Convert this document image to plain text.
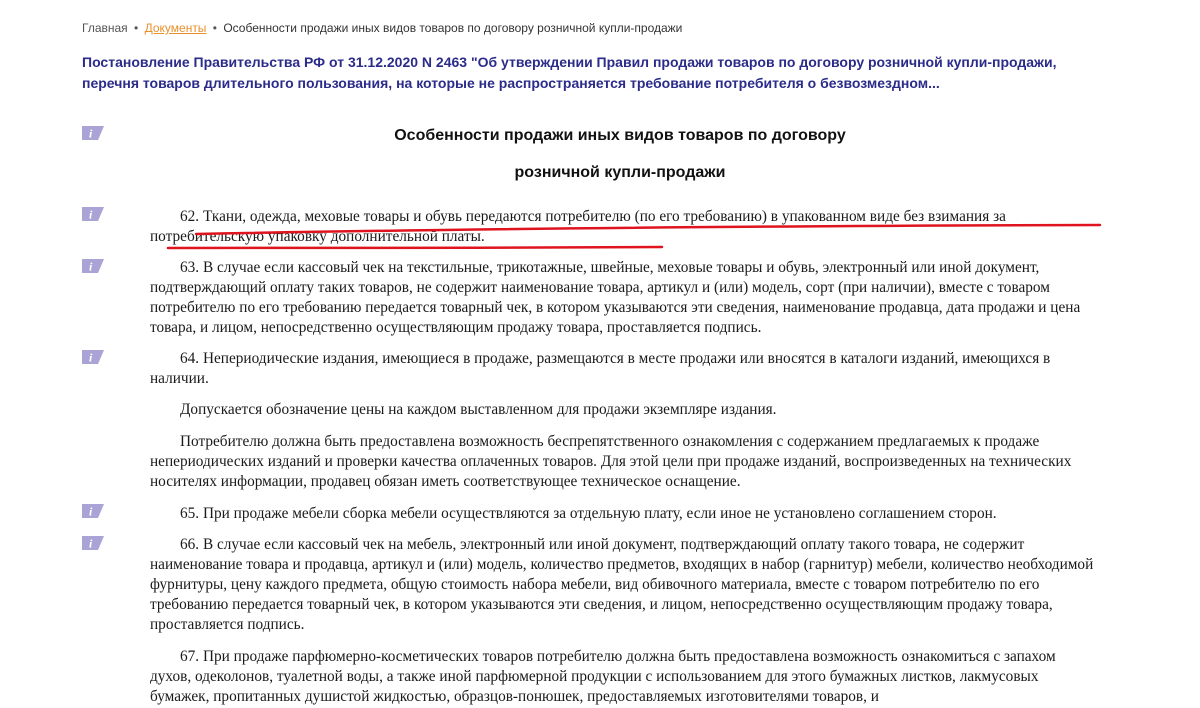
Главная • Документы • Особенности продажи иных видов товаров по договору розничной купли-продажи
Постановление Правительства РФ от 31.12.2020 N 2463 "Об утверждении Правил продажи товаров по договору розничной купли-продажи, перечня товаров длительного пользования, на которые не распространяется требование потребителя о безвозмездном...
i
i
i
i
i
i
Особенности продажи иных видов товаров по договору
розничной купли-продажи
62. Ткани, одежда, меховые товары и обувь передаются потребителю (по его требованию) в упакованном виде без взимания за потребительскую упаковку дополнительной платы.
63. В случае если кассовый чек на текстильные, трикотажные, швейные, меховые товары и обувь, электронный или иной документ, подтверждающий оплату таких товаров, не содержит наименование товара, артикул и (или) модель, сорт (при наличии), вместе с товаром потребителю по его требованию передается товарный чек, в котором указываются эти сведения, наименование продавца, дата продажи и цена товара, и лицом, непосредственно осуществляющим продажу товара, проставляется подпись.
64. Непериодические издания, имеющиеся в продаже, размещаются в месте продажи или вносятся в каталоги изданий, имеющихся в наличии.
Допускается обозначение цены на каждом выставленном для продажи экземпляре издания.
Потребителю должна быть предоставлена возможность беспрепятственного ознакомления с содержанием предлагаемых к продаже непериодических изданий и проверки качества оплаченных товаров. Для этой цели при продаже изданий, воспроизведенных на технических носителях информации, продавец обязан иметь соответствующее техническое оснащение.
65. При продаже мебели сборка мебели осуществляются за отдельную плату, если иное не установлено соглашением сторон.
66. В случае если кассовый чек на мебель, электронный или иной документ, подтверждающий оплату такого товара, не содержит наименование товара и продавца, артикул и (или) модель, количество предметов, входящих в набор (гарнитур) мебели, количество необходимой фурнитуры, цену каждого предмета, общую стоимость набора мебели, вид обивочного материала, вместе с товаром потребителю по его требованию передается товарный чек, в котором указываются эти сведения, и лицом, непосредственно осуществляющим продажу товара, проставляется подпись.
67. При продаже парфюмерно-косметических товаров потребителю должна быть предоставлена возможность ознакомиться с запахом духов, одеколонов, туалетной воды, а также иной парфюмерной продукции с использованием для этого бумажных листков, лакмусовых бумажек, пропитанных душистой жидкостью, образцов-понюшек, предоставляемых изготовителями товаров, и
